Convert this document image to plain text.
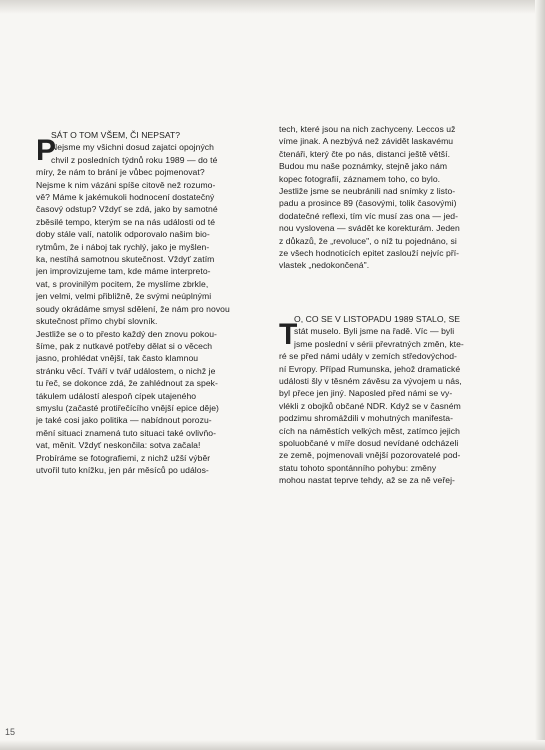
P
SÁT O TOM VŠEM, ČI NEPSAT?
Nejsme my všichni dosud zajatci opojných
chvil z posledních týdnů roku 1989 — do té
míry, že nám to brání je vůbec pojmenovat?
Nejsme k nim vázáni spíše citově než rozumo-
vě? Máme k jakémukoli hodnocení dostatečný
časový odstup? Vždyť se zdá, jako by samotné
zběsilé tempo, kterým se na nás události od té
doby stále valí, natolik odporovalo našim bio-
rytmům, že i náboj tak rychlý, jako je myšlen-
ka, nestíhá samotnou skutečnost. Vždyť zatím
jen improvizujeme tam, kde máme interpreto-
vat, s provinilým pocitem, že myslíme zbrkle,
jen velmi, velmi přibližně, že svými neúplnými
soudy okrádáme smysl sdělení, že nám pro novou
skutečnost přímo chybí slovník.
Jestliže se o to přesto každý den znovu pokou-
šíme, pak z nutkavé potřeby dělat si o věcech
jasno, prohlédat vnější, tak často klamnou
stránku věcí. Tváří v tvář událostem, o nichž je
tu řeč, se dokonce zdá, že zahlédnout za spek-
tákulem událostí alespoň cípek utajeného
smyslu (začasté protiřečícího vnější epice děje)
je také cosi jako politika — nabídnout porozu-
mění situaci znamená tuto situaci také ovlivňo-
vat, měnit. Vždyť neskončila: sotva začala!
Probíráme se fotografiemi, z nichž užší výběr
utvořil tuto knížku, jen pár měsíců po událos-
tech, které jsou na nich zachyceny. Leccos už
víme jinak. A nezbývá než závidět laskavému
čtenáři, který čte po nás, distanci ještě větší.
Budou mu naše poznámky, stejně jako nám
kopec fotografií, záznamem toho, co bylo.
Jestliže jsme se neubránili nad snímky z listo-
padu a prosince 89 (časovými, tolik časovými)
dodatečné reflexi, tím víc musí zas ona — jed-
nou vyslovena — svádět ke korekturám. Jeden
z důkazů, že „revoluce", o níž tu pojednáno, si
ze všech hodnoticích epitet zaslouží nejvíc pří-
vlastek „nedokončená".
T
O, CO SE V LISTOPADU 1989 STALO, SE
stát muselo. Byli jsme na řadě. Víc — byli
jsme poslední v sérii převratných změn, kte-
ré se před námi udály v zemích středovýchod-
ní Evropy. Případ Rumunska, jehož dramatické
události šly v těsném závěsu za vývojem u nás,
byl přece jen jiný. Naposled před námi se vy-
vlékli z obojků občané NDR. Když se v časném
podzimu shromáždili v mohutných manifesta-
cích na náměstích velkých měst, zatímco jejich
spoluobčané v míře dosud nevídané odcházeli
ze země, pojmenovali vnější pozorovatelé pod-
statu tohoto spontánního pohybu: změny
mohou nastat teprve tehdy, až se za ně veřej-
15
